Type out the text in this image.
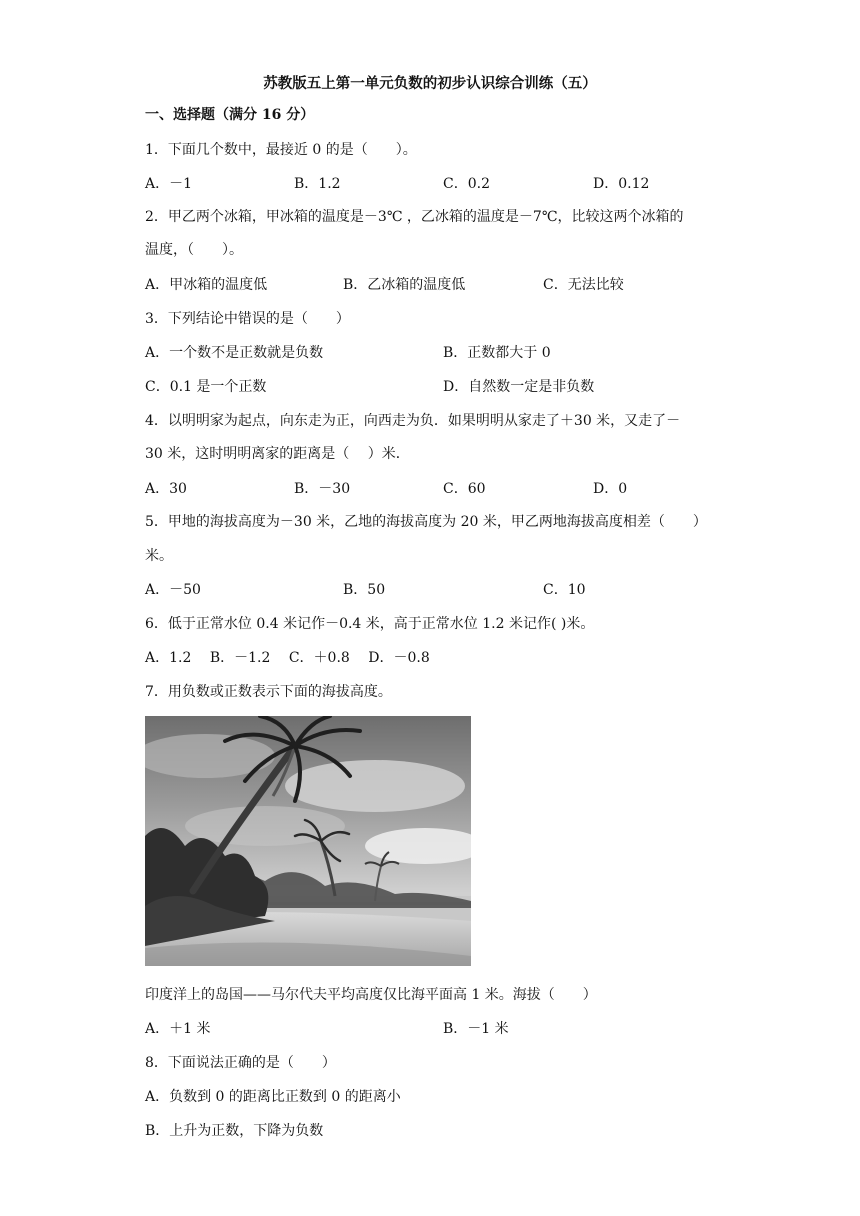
苏教版五上第一单元负数的初步认识综合训练（五）
一、选择题（满分 16 分）
1．下面几个数中，最接近 0 的是（　　）。
A．－1	B．1.2	C．0.2	D．0.12
2．甲乙两个冰箱，甲冰箱的温度是－3℃ ，乙冰箱的温度是－7℃，比较这两个冰箱的
温度，（　　）。
A．甲冰箱的温度低	B．乙冰箱的温度低	C．无法比较
3．下列结论中错误的是（　　）
A．一个数不是正数就是负数	B．正数都大于 0
C．0.1 是一个正数	D．自然数一定是非负数
4．以明明家为起点，向东走为正，向西走为负．如果明明从家走了＋30 米，又走了－
30 米，这时明明离家的距离是（　 ）米．
A．30	B．－30	C．60	D．0
5．甲地的海拔高度为－30 米，乙地的海拔高度为 20 米，甲乙两地海拔高度相差（　　）
米。
A．－50	B．50	C．10
6．低于正常水位 0.4 米记作－0.4 米，高于正常水位 1.2 米记作( )米。
A．1.2　 B．－1.2　 C．＋0.8　 D．－0.8
7．用负数或正数表示下面的海拔高度。
印度洋上的岛国——马尔代夫平均高度仅比海平面高 1 米。海拔（　　）
A．＋1 米	B．－1 米
8．下面说法正确的是（　　）
A．负数到 0 的距离比正数到 0 的距离小
B．上升为正数，下降为负数
